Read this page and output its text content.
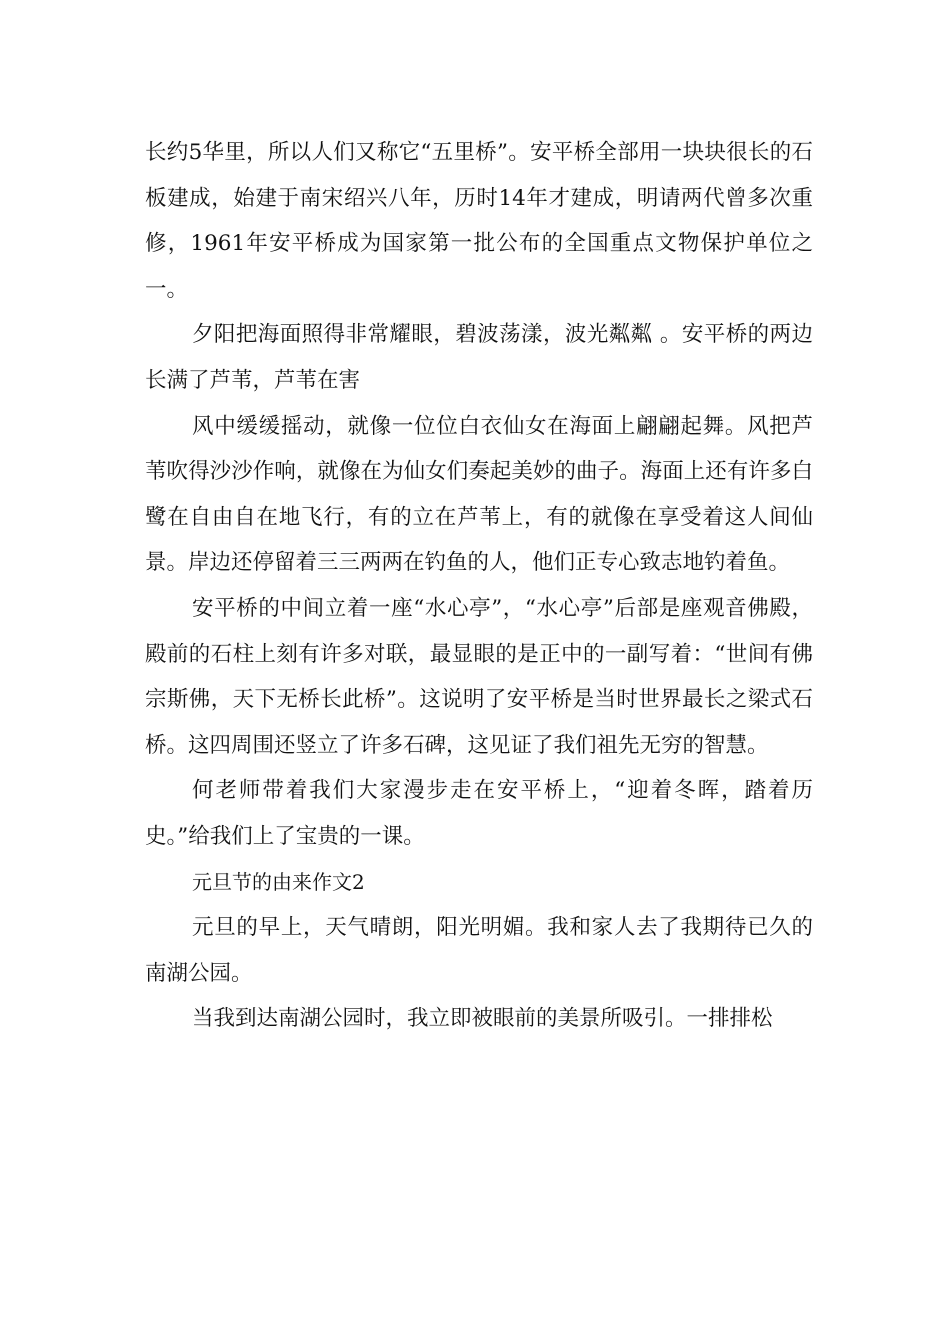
长约5华里，所以人们又称它“五里桥”。安平桥全部用一块块很长的石板建成，始建于南宋绍兴八年，历时14年才建成，明请两代曾多次重修，1961年安平桥成为国家第一批公布的全国重点文物保护单位之一。

夕阳把海面照得非常耀眼，碧波荡漾，波光粼粼 。安平桥的两边长满了芦苇，芦苇在害

风中缓缓摇动，就像一位位白衣仙女在海面上翩翩起舞。风把芦苇吹得沙沙作响，就像在为仙女们奏起美妙的曲子。海面上还有许多白鹭在自由自在地飞行，有的立在芦苇上，有的就像在享受着这人间仙景。岸边还停留着三三两两在钓鱼的人，他们正专心致志地钓着鱼。

安平桥的中间立着一座“水心亭”，“水心亭”后部是座观音佛殿，殿前的石柱上刻有许多对联，最显眼的是正中的一副写着：“世间有佛宗斯佛，天下无桥长此桥”。这说明了安平桥是当时世界最长之梁式石桥。这四周围还竖立了许多石碑，这见证了我们祖先无穷的智慧。

何老师带着我们大家漫步走在安平桥上，“迎着冬晖，踏着历史。”给我们上了宝贵的一课。

元旦节的由来作文2

元旦的早上，天气晴朗，阳光明媚。我和家人去了我期待已久的南湖公园。

当我到达南湖公园时，我立即被眼前的美景所吸引。一排排松
